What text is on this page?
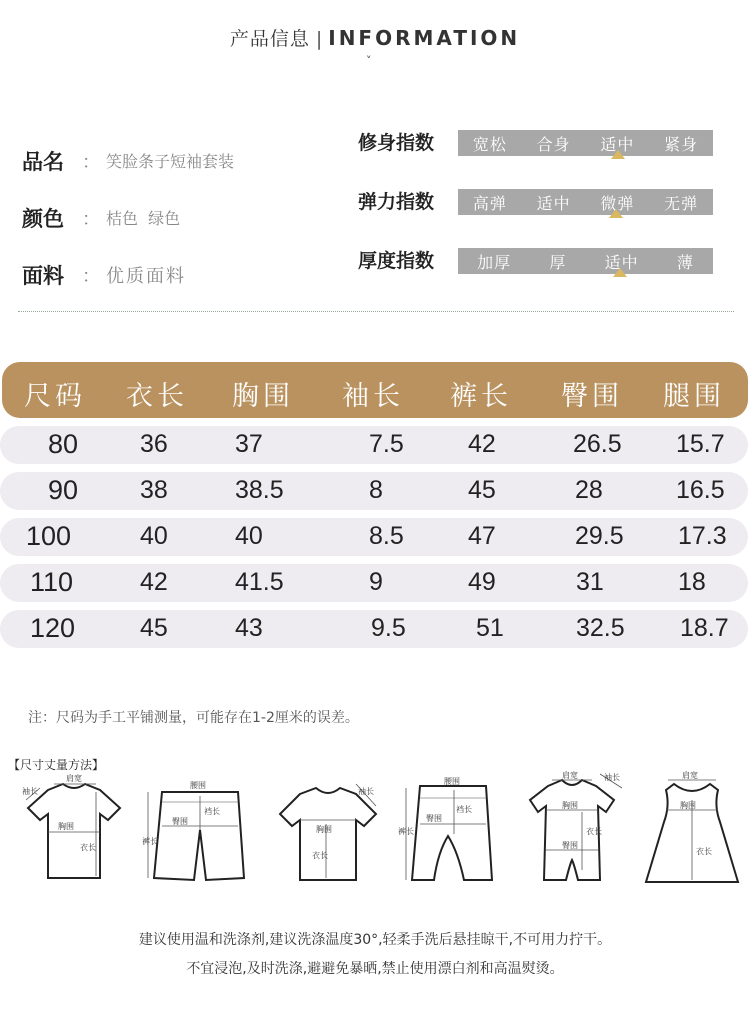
产品信息 | INFORMATION
˅
品名	： 笑脸条子短袖套装
颜色	： 桔色  绿色
面料	： 优质面料
修身指数	宽松 合身 适中 紧身
弹力指数	高弹 适中 微弹 无弹
厚度指数	加厚 厚 适中 薄
尺码 衣长 胸围 袖长 裤长 臀围 腿围
80 36	37	7.5	42	26.5 15.7
90 38	38.5	8	45	28	16.5
100	40	40	8.5	47	29.5 17.3
110	42	41.5	9	49	31	18
120	45	43	9.5	51	32.5 18.7
注：尺码为手工平铺测量，可能存在1-2厘米的误差。
【尺寸丈量方法】
肩宽
袖长
胸围
衣长
腰围
臀围
裆长
裤长
胸围
衣长
袖长
腰围
臀围
裆长
裤长
肩宽
胸围
臀围
衣长
袖长	肩宽
胸围
衣长
建议使用温和洗涤剂,建议洗涤温度30°,轻柔手洗后悬挂晾干,不可用力拧干。
不宜浸泡,及时洗涤,避避免暴晒,禁止使用漂白剂和高温熨烫。
